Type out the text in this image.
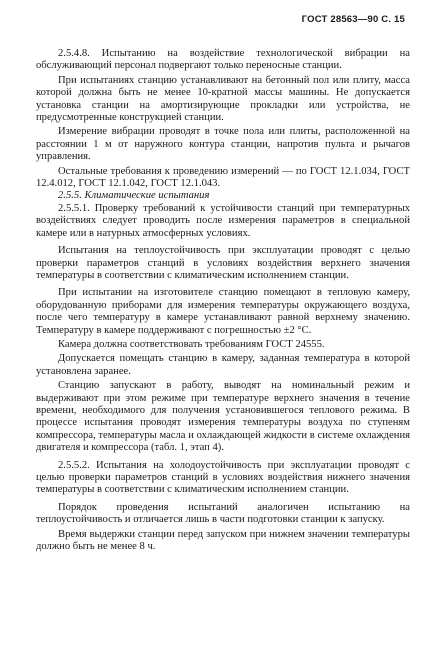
ГОСТ 28563—90 С. 15

2.5.4.8. Испытанию на воздействие технологической вибрации на обслуживающий персонал подвергают только переносные станции.

При испытаниях станцию устанавливают на бетонный пол или плиту, масса которой должна быть не менее 10-кратной массы машины. Не допускается установка станции на амортизирующие прокладки или устройства, не предусмотренные конструкцией станции.

Измерение вибрации проводят в точке пола или плиты, расположенной на расстоянии 1 м от наружного контура станции, напротив пульта и рычагов управления.

Остальные требования к проведению измерений — по ГОСТ 12.1.034, ГОСТ 12.4.012, ГОСТ 12.1.042, ГОСТ 12.1.043.

2.5.5. Климатические испытания

2.5.5.1. Проверку требований к устойчивости станций при температурных воздействиях следует проводить после измерения параметров в специальной камере или в натурных атмосферных условиях.

Испытания на теплоустойчивость при эксплуатации проводят с целью проверки параметров станций в условиях воздействия верхнего значения температуры в соответствии с климатическим исполнением станции.

При испытании на изготовителе станцию помещают в тепловую камеру, оборудованную приборами для измерения температуры окружающего воздуха, после чего температуру в камере устанавливают равной верхнему значению. Температуру в камере поддерживают с погрешностью ±2 °С.

Камера должна соответствовать требованиям ГОСТ 24555.

Допускается помещать станцию в камеру, заданная температура в которой установлена заранее.

Станцию запускают в работу, выводят на номинальный режим и выдерживают при этом режиме при температуре верхнего значения в течение времени, необходимого для получения установившегося теплового режима. В процессе испытания проводят измерения температуры воздуха по ступеням компрессора, температуры масла и охлаждающей жидкости в системе охлаждения двигателя и компрессора (табл. 1, этап 4).

2.5.5.2. Испытания на холодоустойчивость при эксплуатации проводят с целью проверки параметров станций в условиях воздействия нижнего значения температуры в соответствии с климатическим исполнением станции.

Порядок проведения испытаний аналогичен испытанию на теплоустойчивость и отличается лишь в части подготовки станции к запуску.

Время выдержки станции перед запуском при нижнем значении температуры должно быть не менее 8 ч.
